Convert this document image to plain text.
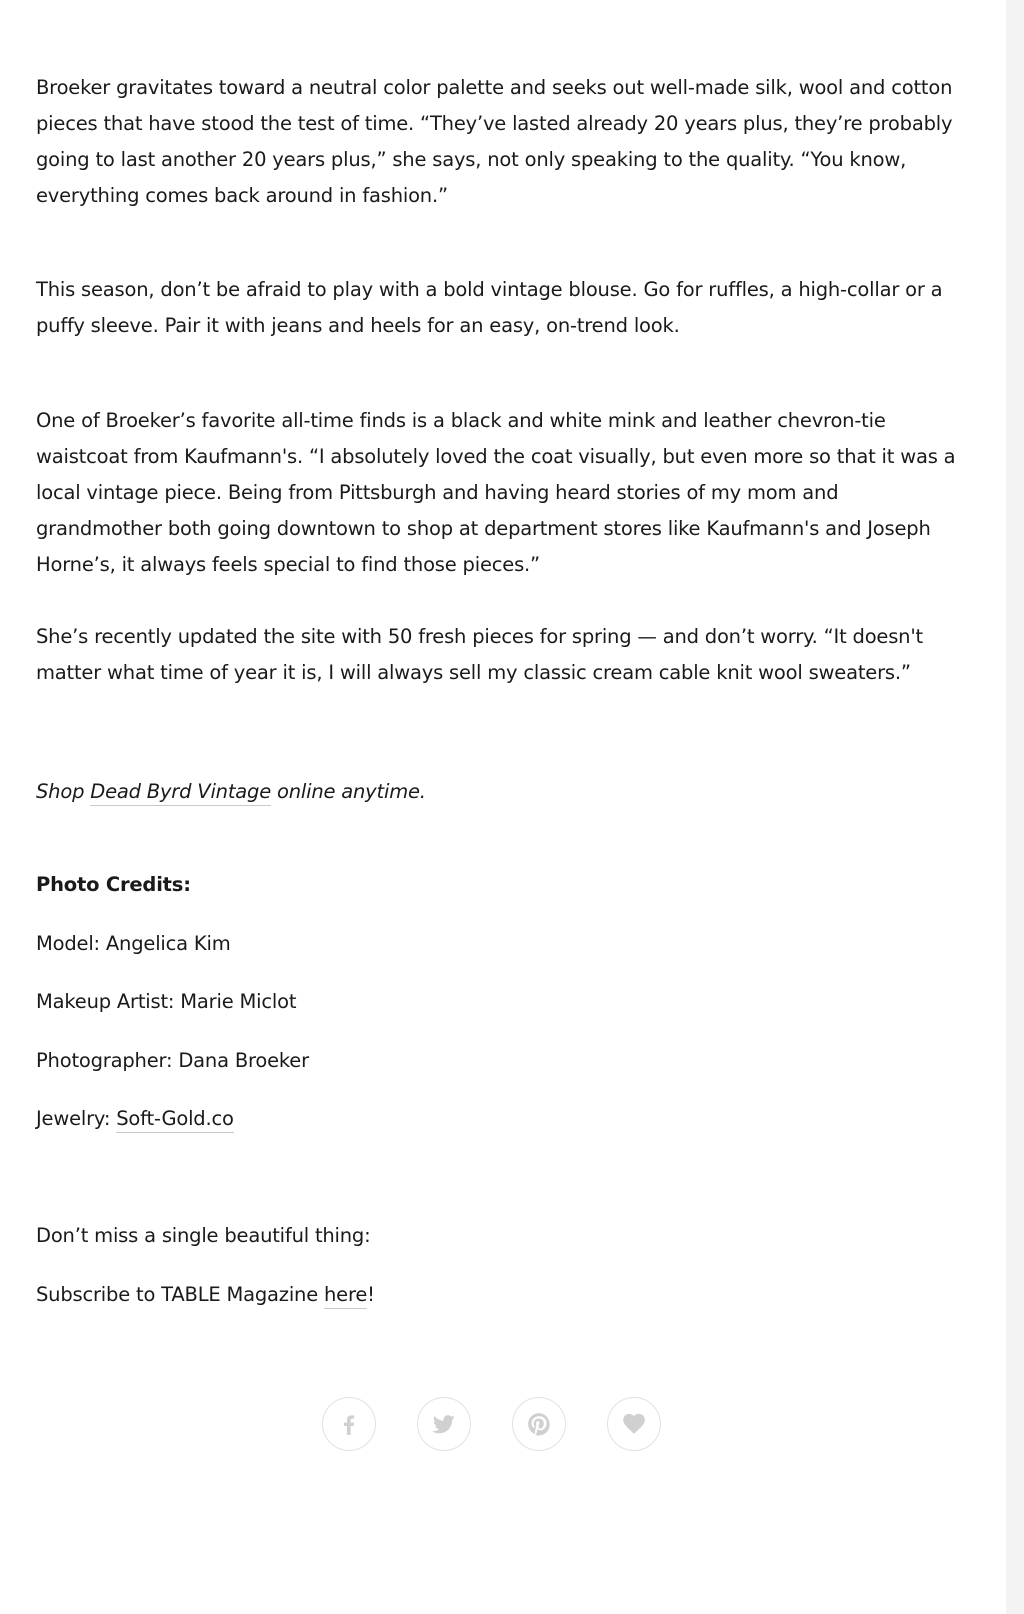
Broeker gravitates toward a neutral color palette and seeks out well-made silk, wool and cotton pieces that have stood the test of time. “They’ve lasted already 20 years plus, they’re probably going to last another 20 years plus,” she says, not only speaking to the quality. “You know, everything comes back around in fashion.”

This season, don’t be afraid to play with a bold vintage blouse. Go for ruffles, a high-collar or a puffy sleeve. Pair it with jeans and heels for an easy, on-trend look.

One of Broeker’s favorite all-time finds is a black and white mink and leather chevron-tie waistcoat from Kaufmann's. “I absolutely loved the coat visually, but even more so that it was a local vintage piece. Being from Pittsburgh and having heard stories of my mom and grandmother both going downtown to shop at department stores like Kaufmann's and Joseph Horne’s, it always feels special to find those pieces.”

She’s recently updated the site with 50 fresh pieces for spring — and don’t worry. “It doesn't matter what time of year it is, I will always sell my classic cream cable knit wool sweaters.”

Shop Dead Byrd Vintage online anytime.

Photo Credits:

Model: Angelica Kim

Makeup Artist: Marie Miclot

Photographer: Dana Broeker

Jewelry: Soft-Gold.co

Don’t miss a single beautiful thing:

Subscribe to TABLE Magazine here!
